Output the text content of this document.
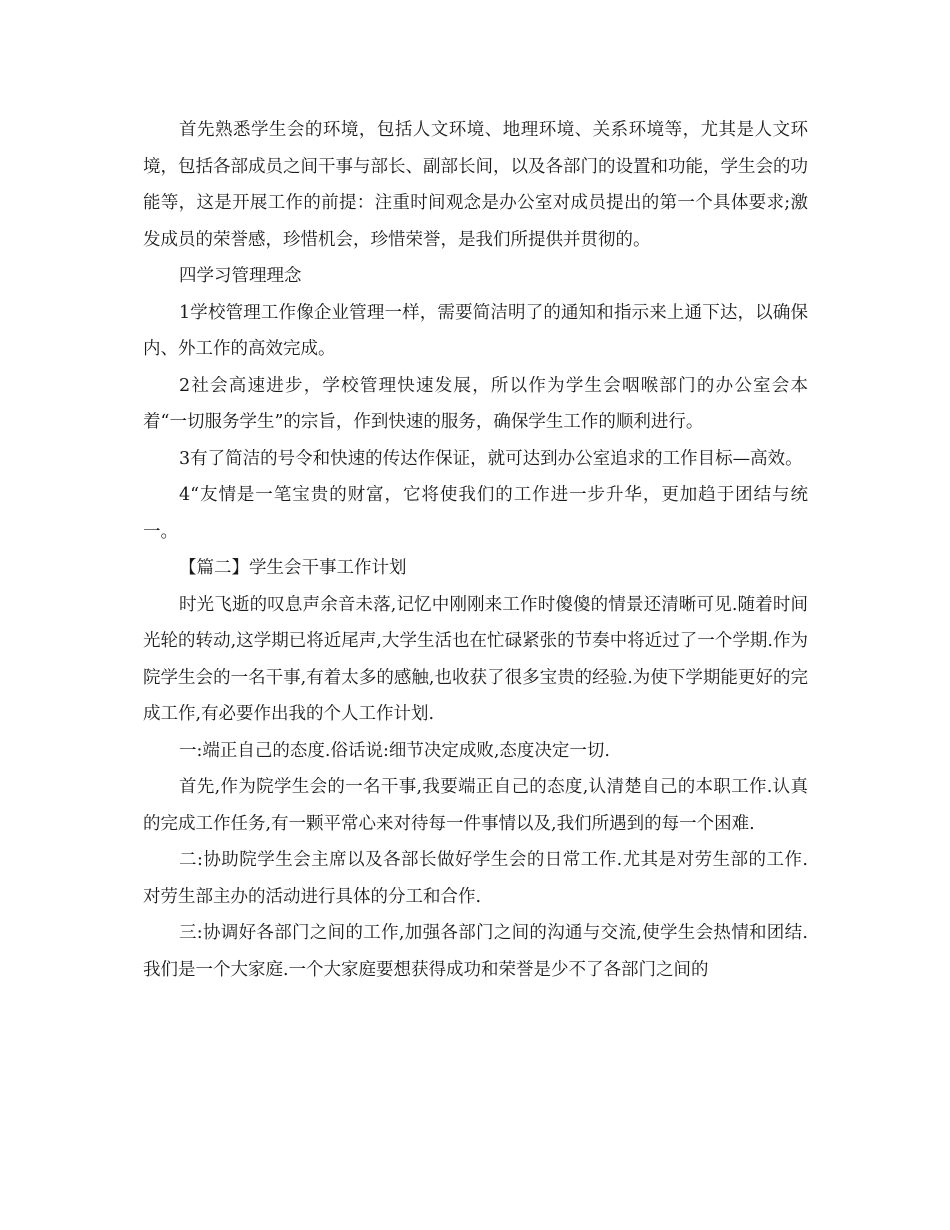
首先熟悉学生会的环境，包括人文环境、地理环境、关系环境等，尤其是人文环境，包括各部成员之间干事与部长、副部长间，以及各部门的设置和功能，学生会的功能等，这是开展工作的前提：注重时间观念是办公室对成员提出的第一个具体要求;激发成员的荣誉感，珍惜机会，珍惜荣誉，是我们所提供并贯彻的。

四学习管理理念

1学校管理工作像企业管理一样，需要简洁明了的通知和指示来上通下达，以确保内、外工作的高效完成。

2社会高速进步，学校管理快速发展，所以作为学生会咽喉部门的办公室会本着“一切服务学生”的宗旨，作到快速的服务，确保学生工作的顺利进行。

3有了简洁的号令和快速的传达作保证，就可达到办公室追求的工作目标—高效。

4“友情是一笔宝贵的财富，它将使我们的工作进一步升华，更加趋于团结与统一。

【篇二】学生会干事工作计划

时光飞逝的叹息声余音未落,记忆中刚刚来工作时傻傻的情景还清晰可见.随着时间光轮的转动,这学期已将近尾声,大学生活也在忙碌紧张的节奏中将近过了一个学期.作为院学生会的一名干事,有着太多的感触,也收获了很多宝贵的经验.为使下学期能更好的完成工作,有必要作出我的个人工作计划.

一:端正自己的态度.俗话说:细节决定成败,态度决定一切.

首先,作为院学生会的一名干事,我要端正自己的态度,认清楚自己的本职工作.认真的完成工作任务,有一颗平常心来对待每一件事情以及,我们所遇到的每一个困难.

二:协助院学生会主席以及各部长做好学生会的日常工作.尤其是对劳生部的工作.对劳生部主办的活动进行具体的分工和合作.

三:协调好各部门之间的工作,加强各部门之间的沟通与交流,使学生会热情和团结.我们是一个大家庭.一个大家庭要想获得成功和荣誉是少不了各部门之间的
